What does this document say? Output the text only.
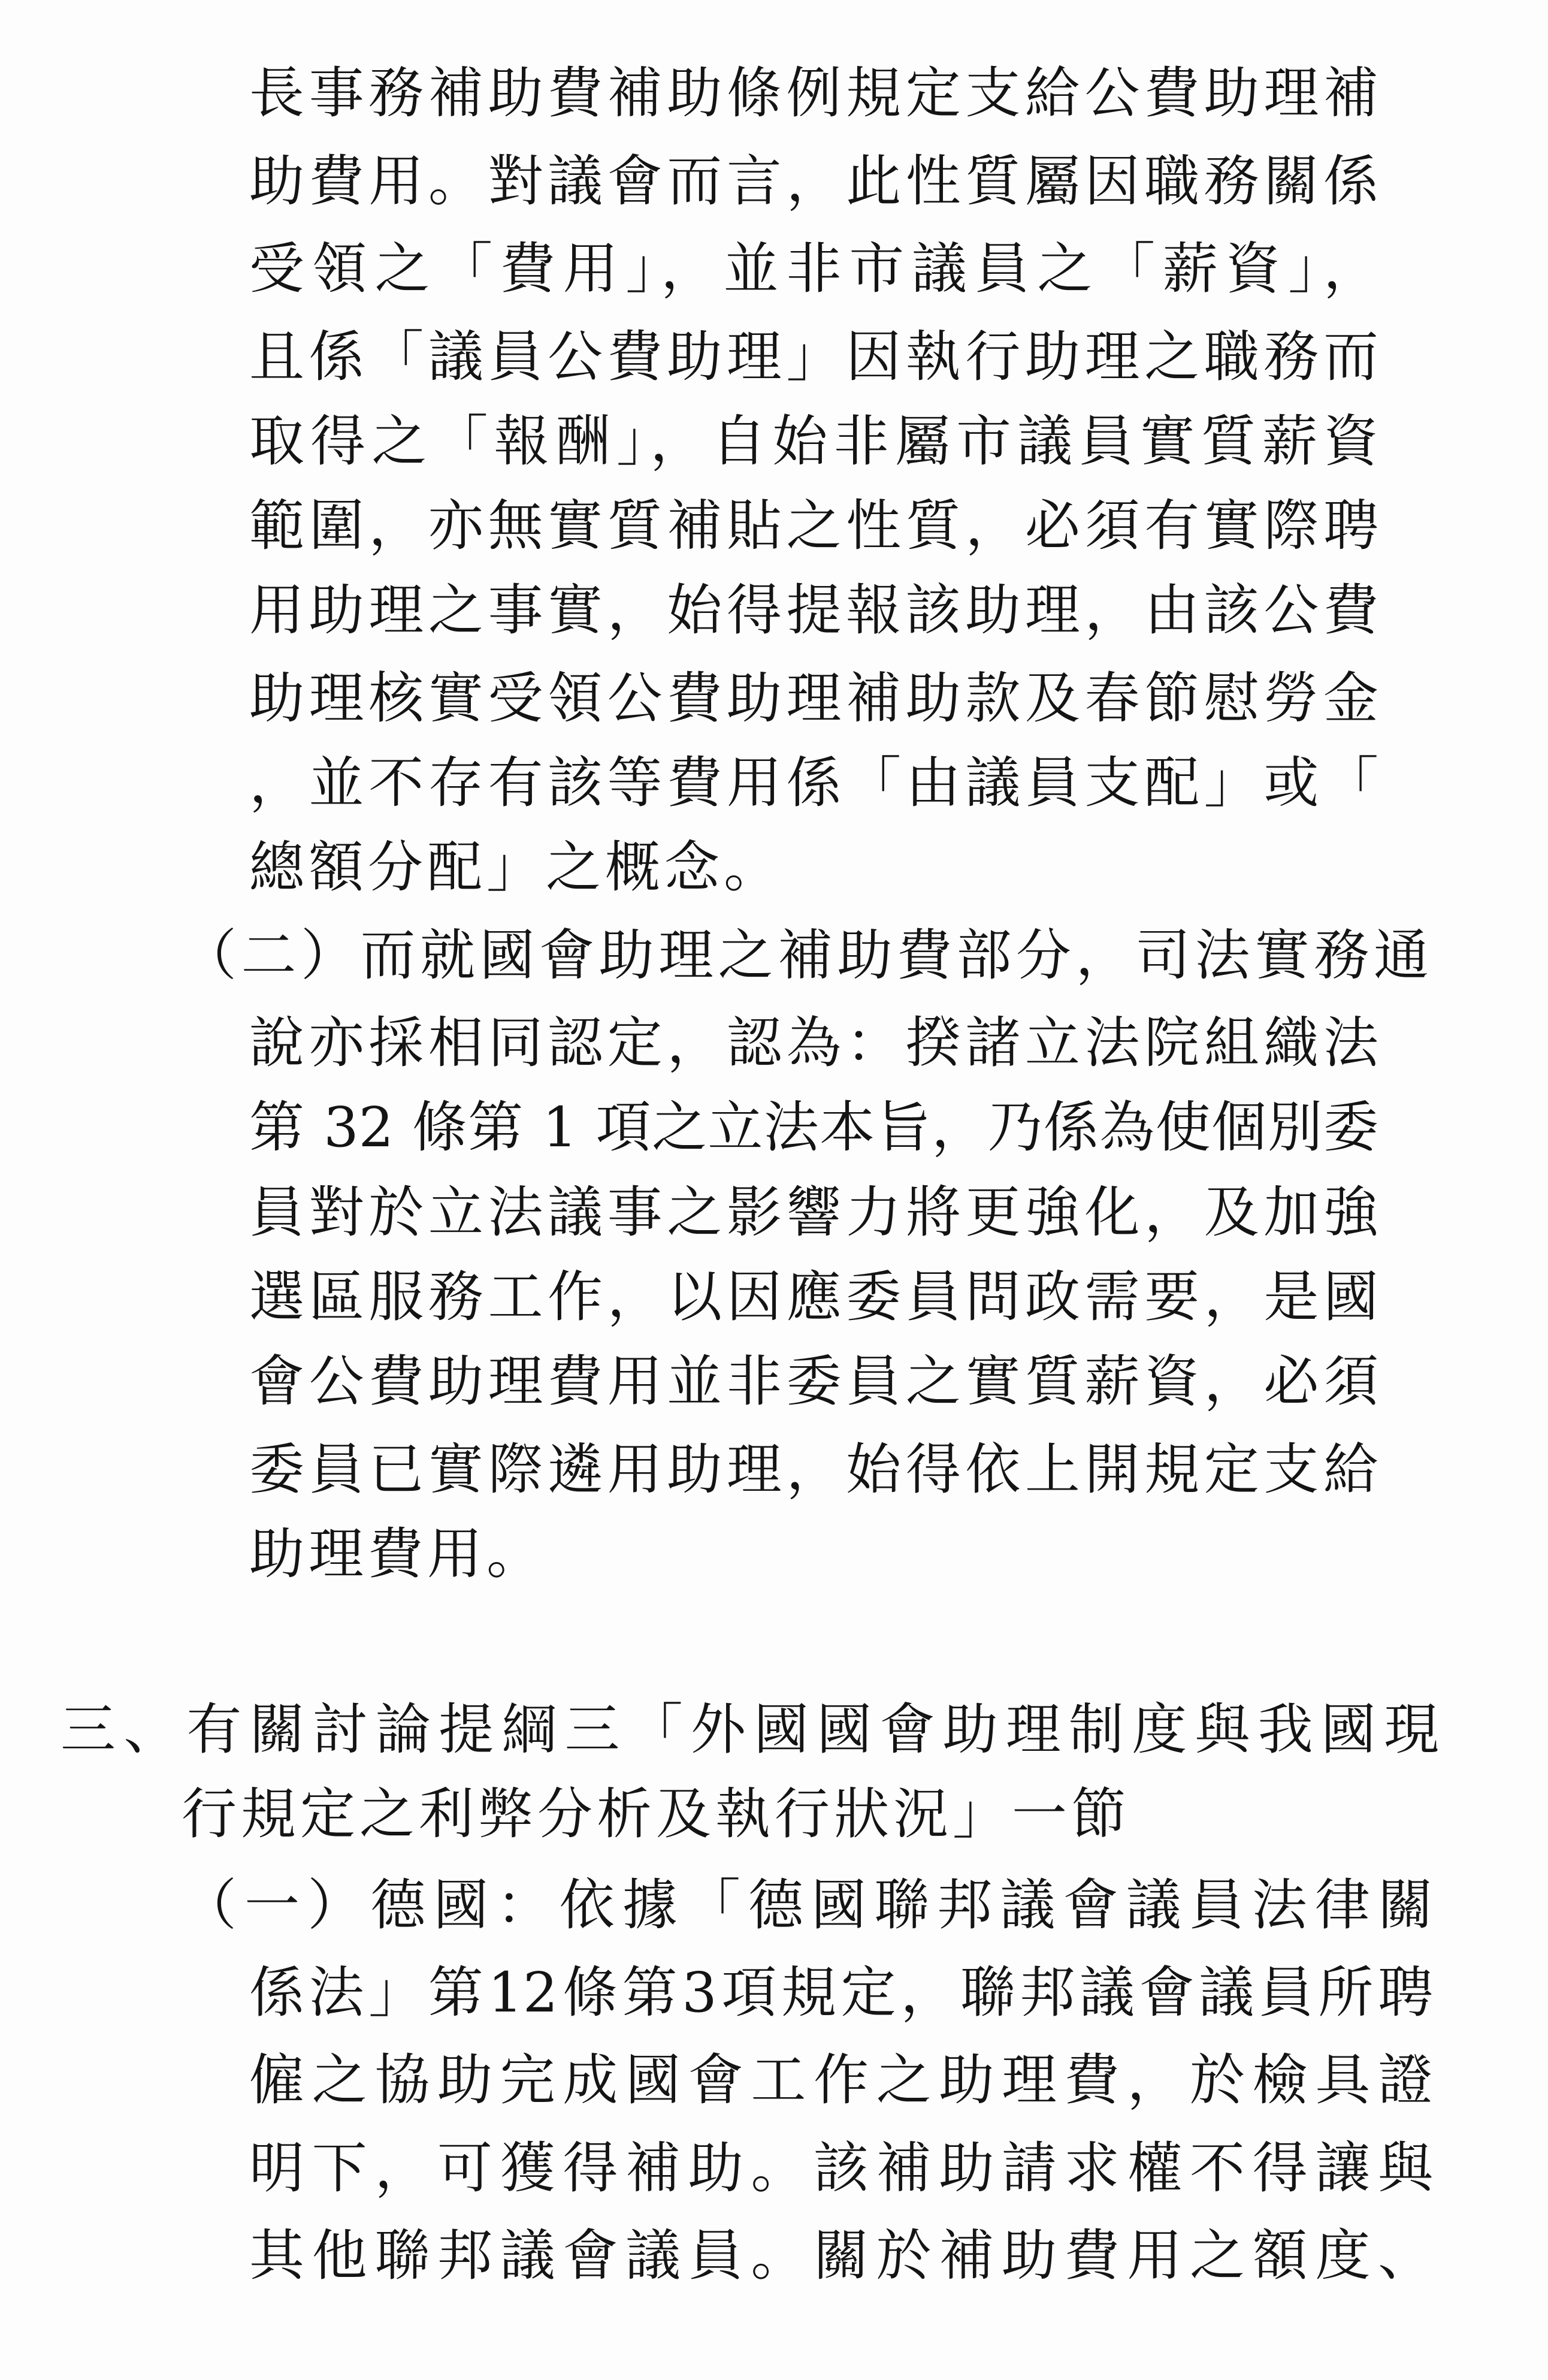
長事務補助費補助條例規定支給公費助理補
助費用。對議會而言，此性質屬因職務關係
受領之「費用」，並非市議員之「薪資」，
且係「議員公費助理」因執行助理之職務而
取得之「報酬」，自始非屬市議員實質薪資
範圍，亦無實質補貼之性質，必須有實際聘
用助理之事實，始得提報該助理，由該公費
助理核實受領公費助理補助款及春節慰勞金
，並不存有該等費用係「由議員支配」或「
總額分配」之概念。
（二）而就國會助理之補助費部分，司法實務通
說亦採相同認定，認為：揆諸立法院組織法
第 32 條第 1 項之立法本旨，乃係為使個別委
員對於立法議事之影響力將更強化，及加強
選區服務工作，以因應委員問政需要，是國
會公費助理費用並非委員之實質薪資，必須
委員已實際遴用助理，始得依上開規定支給
助理費用。
三、有關討論提綱三「外國國會助理制度與我國現
行規定之利弊分析及執行狀況」一節
（一）德國：依據「德國聯邦議會議員法律關
係法」第12條第3項規定，聯邦議會議員所聘
僱之協助完成國會工作之助理費，於檢具證
明下，可獲得補助。該補助請求權不得讓與
其他聯邦議會議員。關於補助費用之額度、
